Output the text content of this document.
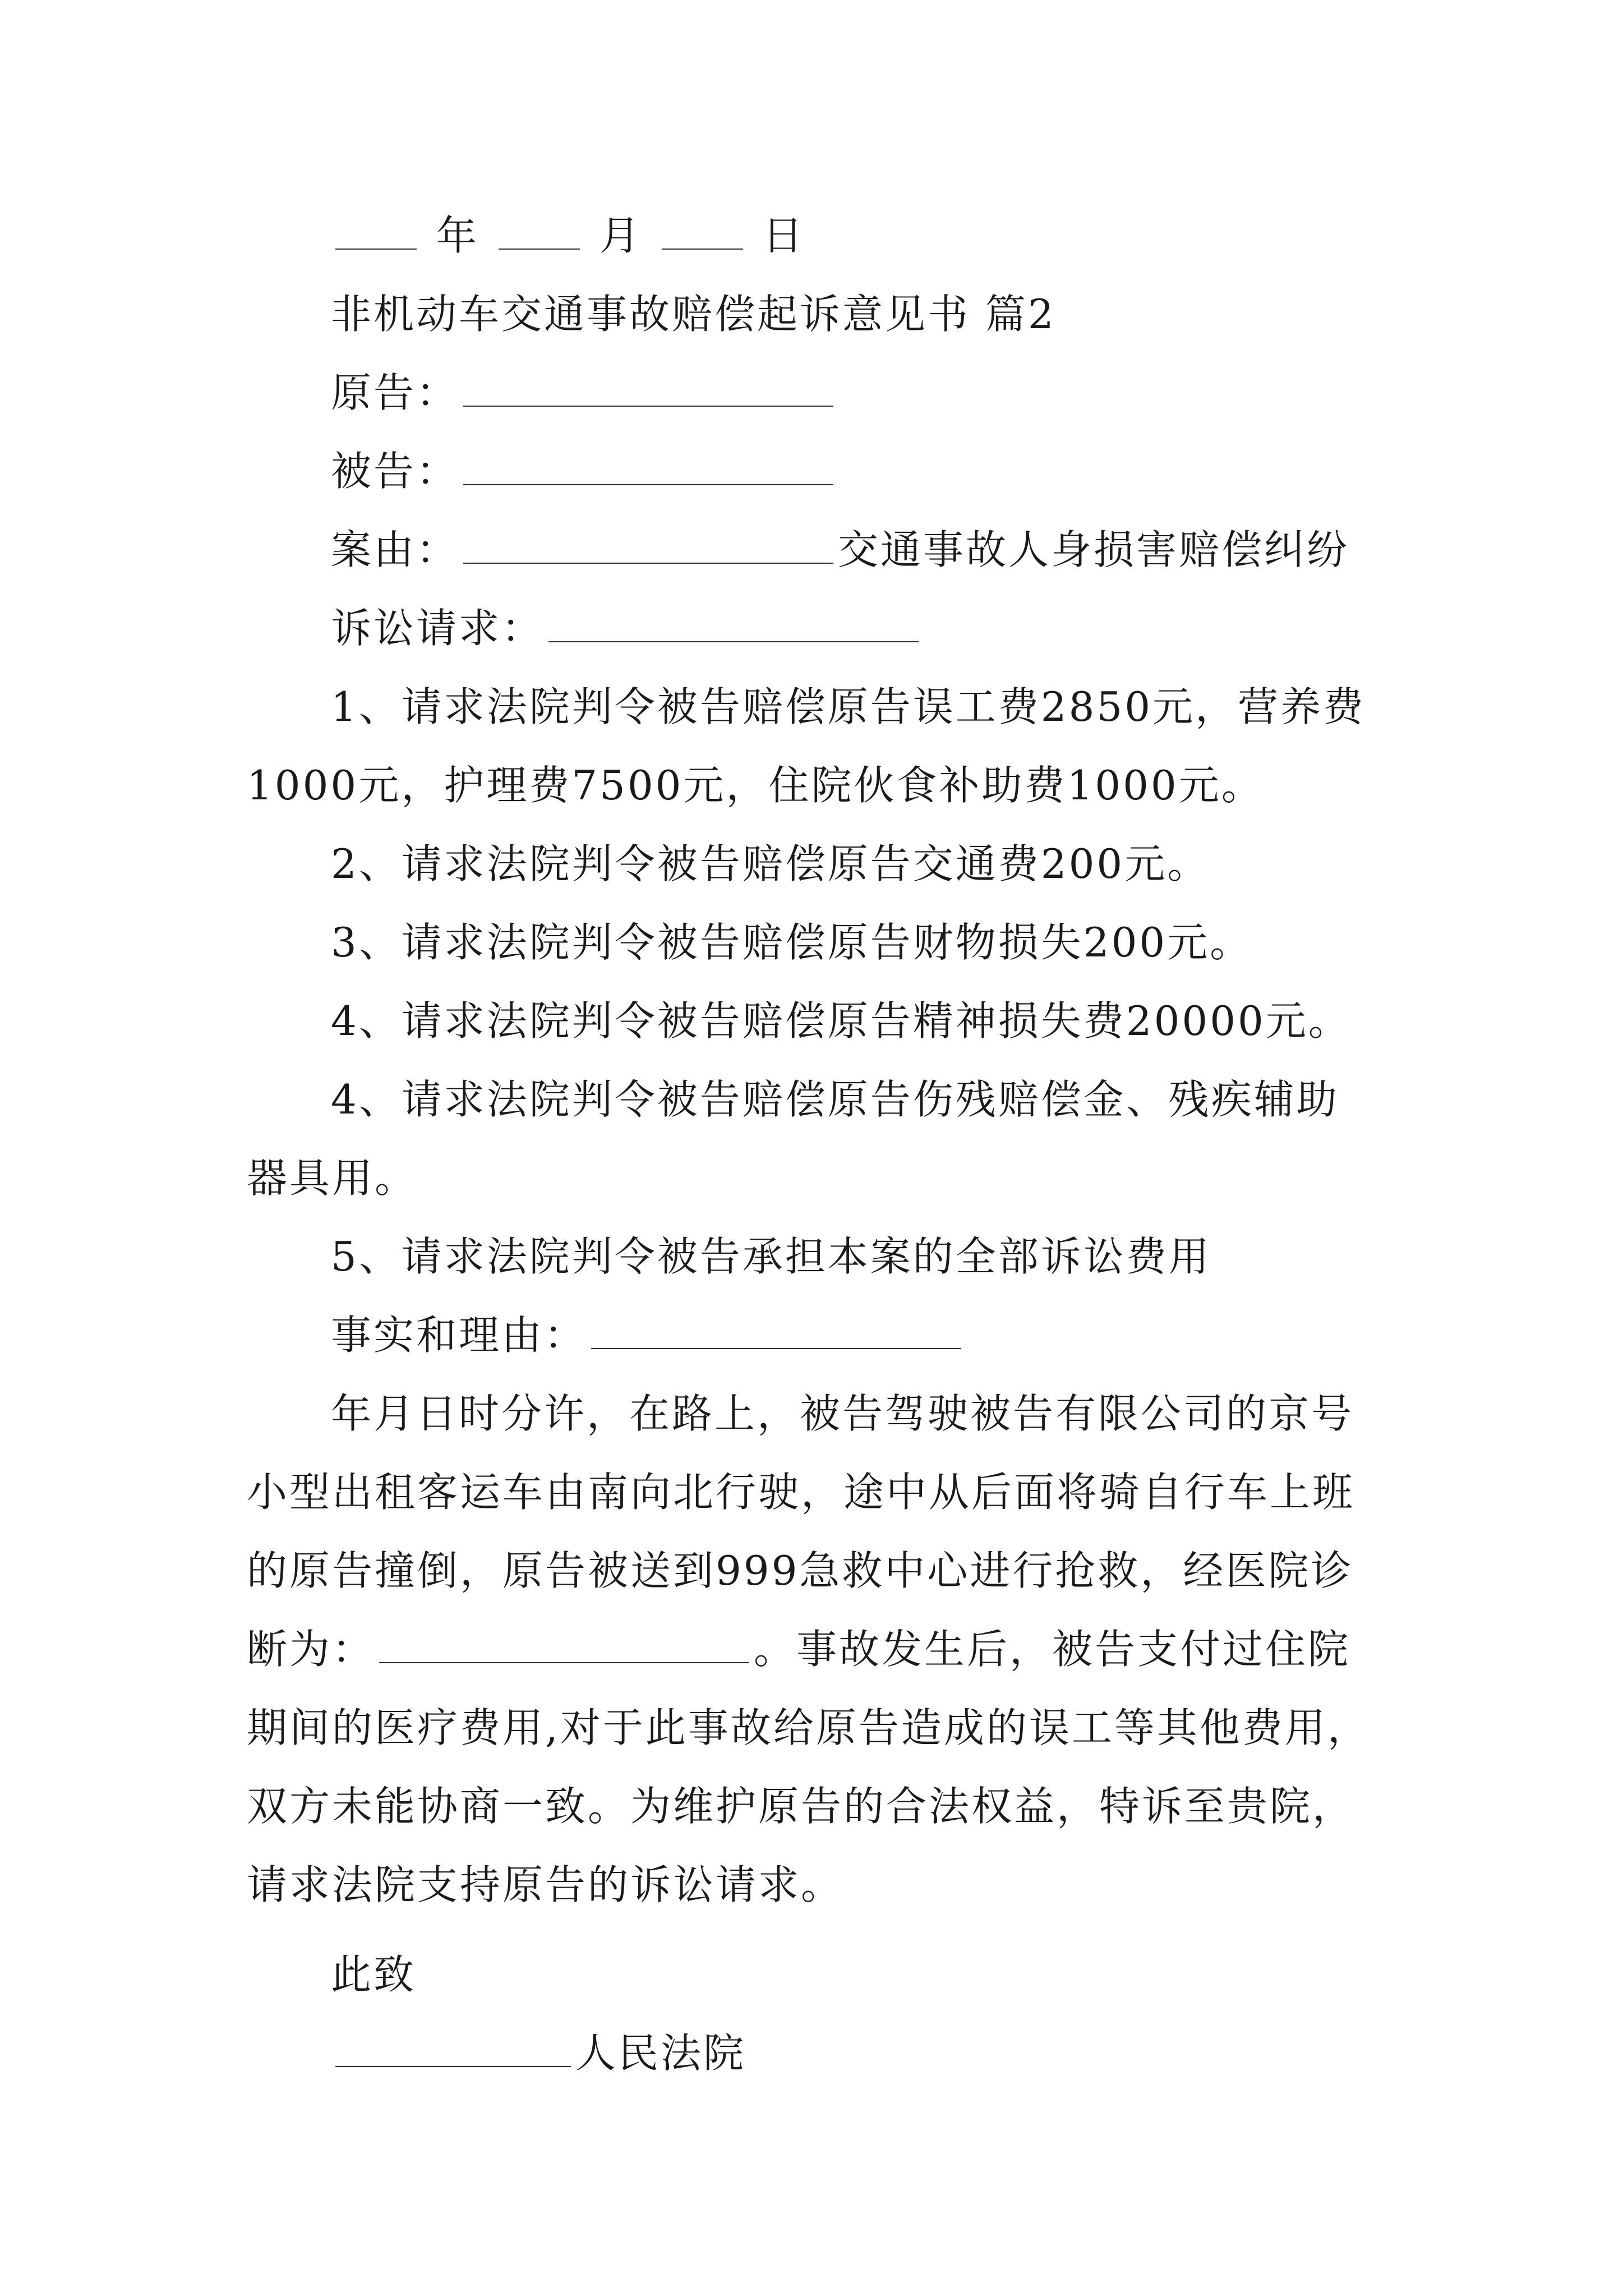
年	月	日
非机动车交通事故赔偿起诉意见书 篇2
原告：
被告：
案由：	交通事故人身损害赔偿纠纷
诉讼请求：
1、请求法院判令被告赔偿原告误工费2850元，营养费
1000元，护理费7500元，住院伙食补助费1000元。
2、请求法院判令被告赔偿原告交通费200元。
3、请求法院判令被告赔偿原告财物损失200元。
4、请求法院判令被告赔偿原告精神损失费20000元。
4、请求法院判令被告赔偿原告伤残赔偿金、残疾辅助
器具用。
5、请求法院判令被告承担本案的全部诉讼费用
事实和理由：
年月日时分许，在路上，被告驾驶被告有限公司的京号
小型出租客运车由南向北行驶，途中从后面将骑自行车上班
的原告撞倒，原告被送到999急救中心进行抢救，经医院诊
断为：	。事故发生后，被告支付过住院
期间的医疗费用,对于此事故给原告造成的误工等其他费用，
双方未能协商一致。为维护原告的合法权益，特诉至贵院，
请求法院支持原告的诉讼请求。
此致
人民法院
